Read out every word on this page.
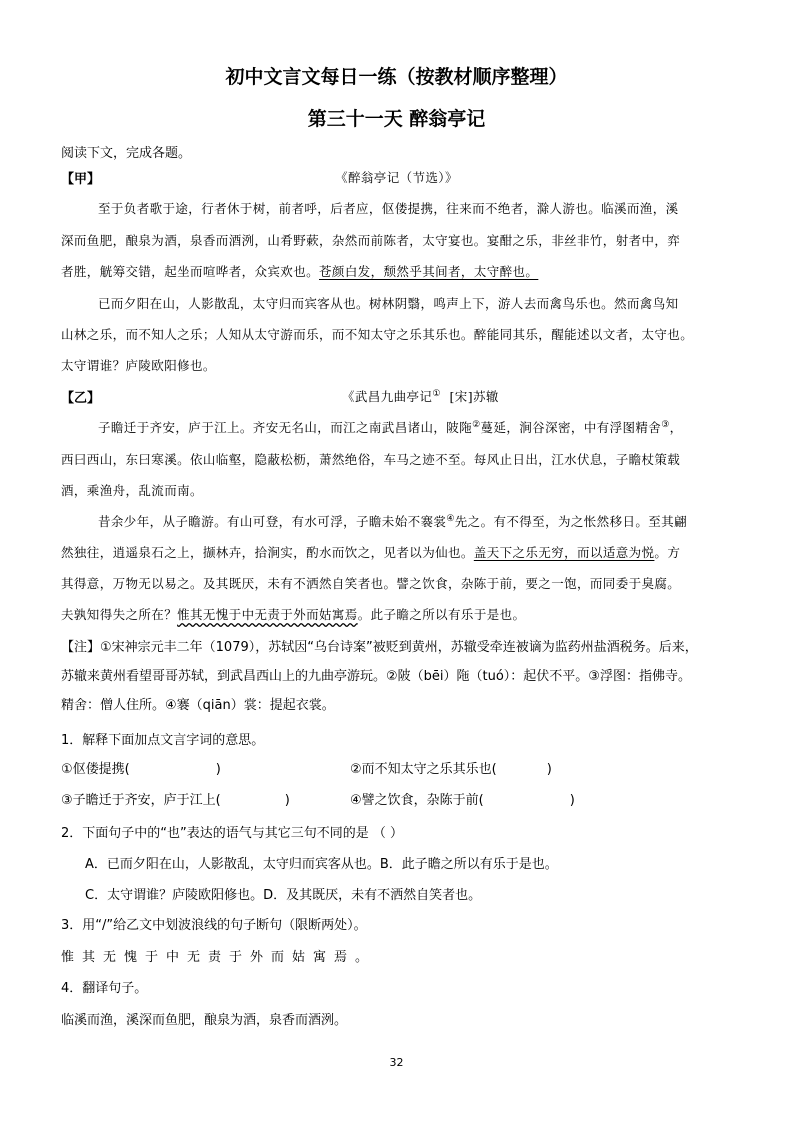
初中文言文每日一练（按教材顺序整理）
第三十一天 醉翁亭记
阅读下文，完成各题。
【甲】	《醉翁亭记（节选）》
至于负者歌于途，行者休于树，前者呼，后者应，伛偻提携，往来而不绝者，滁人游也。临溪而渔，溪
深而鱼肥，酿泉为酒，泉香而酒洌，山肴野蔌，杂然而前陈者，太守宴也。宴酣之乐，非丝非竹，射者中，弈
者胜，觥筹交错，起坐而喧哗者，众宾欢也。苍颜白发，颓然乎其间者，太守醉也。
已而夕阳在山，人影散乱，太守归而宾客从也。树林阴翳，鸣声上下，游人去而禽鸟乐也。然而禽鸟知
山林之乐，而不知人之乐；人知从太守游而乐，而不知太守之乐其乐也。醉能同其乐，醒能述以文者，太守也。
太守谓谁？庐陵欧阳修也。
【乙】	《武昌九曲亭记① [宋]苏辙
子瞻迁于齐安，庐于江上。齐安无名山，而江之南武昌诸山，陂陁②蔓延，涧谷深密，中有浮图精舍③，
西曰西山，东曰寒溪。依山临壑，隐蔽松枥，萧然绝俗，车马之迹不至。每风止日出，江水伏息，子瞻杖策载
酒，乘渔舟，乱流而南。
昔余少年，从子瞻游。有山可登，有水可浮，子瞻未始不褰裳④先之。有不得至，为之怅然移日。至其翩
然独往，逍遥泉石之上，撷林卉，拾涧实，酌水而饮之，见者以为仙也。盖天下之乐无穷，而以适意为悦。方
其得意，万物无以易之。及其既厌，未有不洒然自笑者也。譬之饮食，杂陈于前，要之一饱，而同委于臭腐。
夫孰知得失之所在？惟其无愧于中无责于外而姑寓焉。此子瞻之所以有乐于是也。
【注】①宋神宗元丰二年（1079），苏轼因“乌台诗案”被贬到黄州，苏辙受牵连被谪为监药州盐酒税务。后来，
苏辙来黄州看望哥哥苏轼，到武昌西山上的九曲亭游玩。②陂（bēi）陁（tuó）：起伏不平。③浮图：指佛寺。
精舍：僧人住所。④褰（qiān）裳：提起衣裳。
1．解释下面加点文言字词的意思。
①伛偻提携(	)	②而不知太守之乐其乐也(	)
③子瞻迁于齐安，庐于江上(	)	④譬之饮食，杂陈于前(	)
2．下面句子中的“也”表达的语气与其它三句不同的是 （ ）
A．已而夕阳在山，人影散乱，太守归而宾客从也。B．此子瞻之所以有乐于是也。
C．太守谓谁？庐陵欧阳修也。D．及其既厌，未有不洒然自笑者也。
3．用“/”给乙文中划波浪线的句子断句（限断两处）。
惟其无愧于中无责于外而姑寓焉。
4．翻译句子。
临溪而渔，溪深而鱼肥，酿泉为酒，泉香而酒洌。
32
